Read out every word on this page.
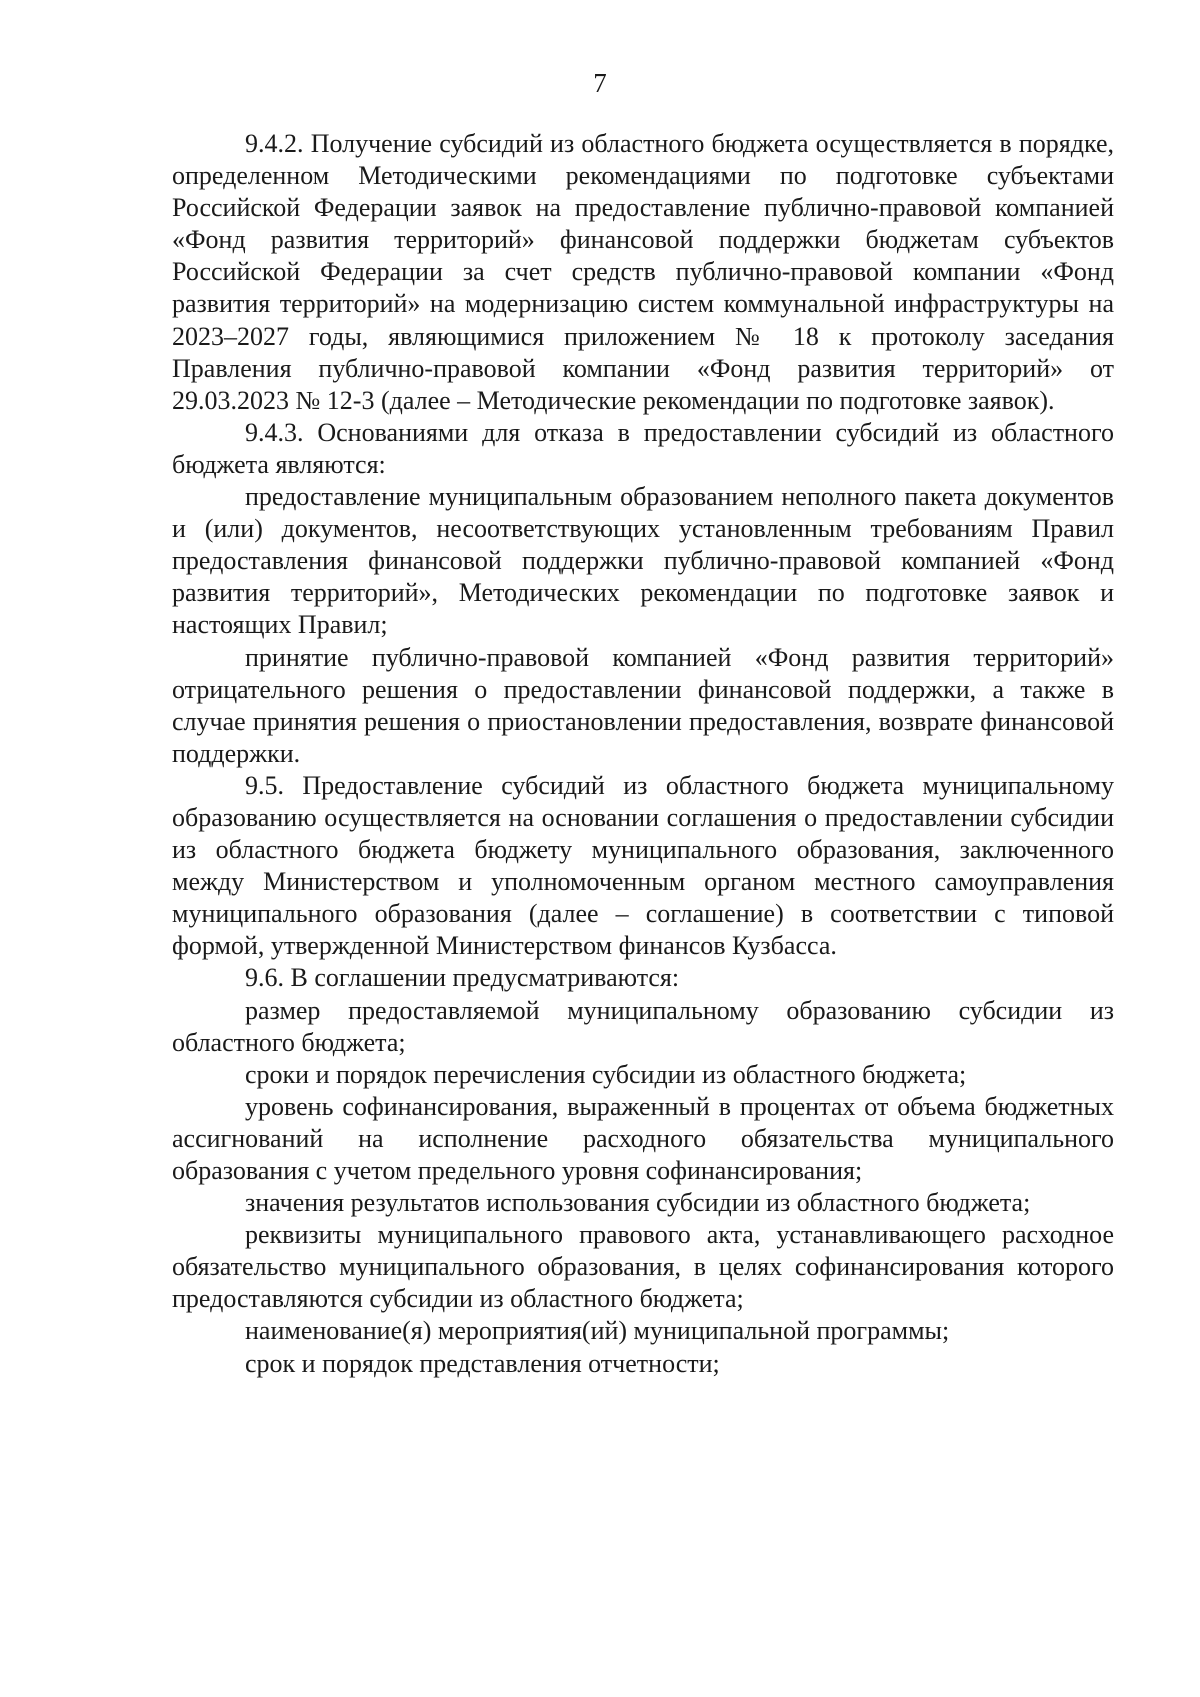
7

9.4.2. Получение субсидий из областного бюджета осуществляется в порядке, определенном Методическими рекомендациями по подготовке субъектами Российской Федерации заявок на предоставление публично-правовой компанией «Фонд развития территорий» финансовой поддержки бюджетам субъектов Российской Федерации за счет средств публично-правовой компании «Фонд развития территорий» на модернизацию систем коммунальной инфраструктуры на 2023–2027 годы, являющимися приложением № 18 к протоколу заседания Правления публично-правовой компании «Фонд развития территорий» от 29.03.2023 № 12-3 (далее – Методические рекомендации по подготовке заявок).

9.4.3. Основаниями для отказа в предоставлении субсидий из областного бюджета являются:

предоставление муниципальным образованием неполного пакета документов и (или) документов, несоответствующих установленным требованиям Правил предоставления финансовой поддержки публично-правовой компанией «Фонд развития территорий», Методических рекомендации по подготовке заявок и настоящих Правил;

принятие публично-правовой компанией «Фонд развития территорий» отрицательного решения о предоставлении финансовой поддержки, а также в случае принятия решения о приостановлении предоставления, возврате финансовой поддержки.

9.5. Предоставление субсидий из областного бюджета муниципальному образованию осуществляется на основании соглашения о предоставлении субсидии из областного бюджета бюджету муниципального образования, заключенного между Министерством и уполномоченным органом местного самоуправления муниципального образования (далее – соглашение) в соответствии с типовой формой, утвержденной Министерством финансов Кузбасса.

9.6. В соглашении предусматриваются:

размер предоставляемой муниципальному образованию субсидии из областного бюджета;

сроки и порядок перечисления субсидии из областного бюджета;

уровень софинансирования, выраженный в процентах от объема бюджетных ассигнований на исполнение расходного обязательства муниципального образования с учетом предельного уровня софинансирования;

значения результатов использования субсидии из областного бюджета;

реквизиты муниципального правового акта, устанавливающего расходное обязательство муниципального образования, в целях софинансирования которого предоставляются субсидии из областного бюджета;

наименование(я) мероприятия(ий) муниципальной программы;

срок и порядок представления отчетности;
